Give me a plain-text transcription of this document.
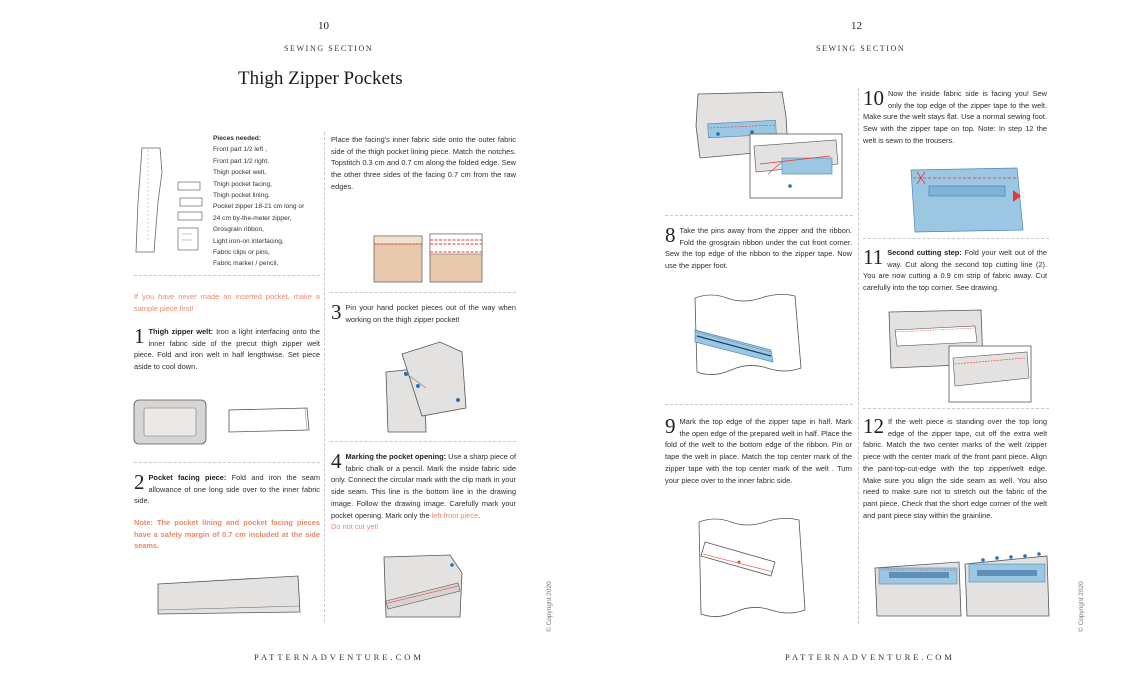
10
SEWING SECTION
Thigh Zipper Pockets
Pieces needed:
Front part 1/2 left ,
Front part 1/2 right,
Thigh pocket welt,
Thigh pocket facing,
Thigh pocket lining,
Pocket zipper 18-21 cm long or
24 cm by-the-meter zipper,
Grosgrain ribbon,
Light iron-on interfacing,
Fabric clips or pins,
Fabric marker / pencil,
If you have never made an inserted pocket, make a sample piece first!
1 Thigh zipper welt: Iron a light interfacing onto the inner fabric side of the precut thigh zipper welt piece. Fold and iron welt in half lengthwise. Set piece aside to cool down.
2 Pocket facing piece: Fold and iron the seam allowance of one long side over to the inner fabric side.
Note: The pocket lining and pocket facing pieces have a safety margin of 0.7 cm included at the side seams.
Place the facing's inner fabric side onto the outer fabric side of the thigh pocket lining piece. Match the notches. Topstitch 0.3 cm and 0.7 cm along the folded edge. Sew the other three sides of the facing 0.7 cm from the raw edges.
3 Pin your hand pocket pieces out of the way when working on the thigh zipper pocket!
4 Marking the pocket opening: Use a sharp piece of fabric chalk or a pencil. Mark the inside fabric side only. Connect the circular mark with the clip mark in your side seam. This line is the bottom line in the drawing image. Follow the drawing image. Carefully mark your pocket opening. Mark only the left front piece.
Do not cut yet!
© Copyright 2020
PATTERNADVENTURE.COM
12
SEWING SECTION
8 Take the pins away from the zipper and the ribbon. Fold the grosgrain ribbon under the cut front corner. Sew the top edge of the ribbon to the zipper tape. Now use the zipper foot.
9 Mark the top edge of the zipper tape in half. Mark the open edge of the prepared welt in half. Place the fold of the welt to the bottom edge of the ribbon. Pin or tape the welt in place. Match the top center mark of the zipper tape with the top center mark of the welt . Turn your piece over to the inner fabric side.
10 Now the inside fabric side is facing you! Sew only the top edge of the zipper tape to the welt. Make sure the welt stays flat. Use a normal sewing foot. Sew with the zipper tape on top. Note: In step 12 the welt is sewn to the trousers.
11 Second cutting step: Fold your welt out of the way. Cut along the second top cutting line (2). You are now cutting a 0.9 cm strip of fabric away. Cut carefully into the top corner. See drawing.
12 If the welt piece is standing over the top long edge of the zipper tape, cut off the extra welt fabric. Match the two center marks of the welt /zipper piece with the center mark of the front pant piece. Align the pant-top-cut-edge with the top zipper/welt edge. Make sure you align the side seam as well. You also need to make sure not to stretch out the fabric of the pant piece. Check that the short edge corner of the welt and pant piece stay within the grainline.
© Copyright 2020
PATTERNADVENTURE.COM
